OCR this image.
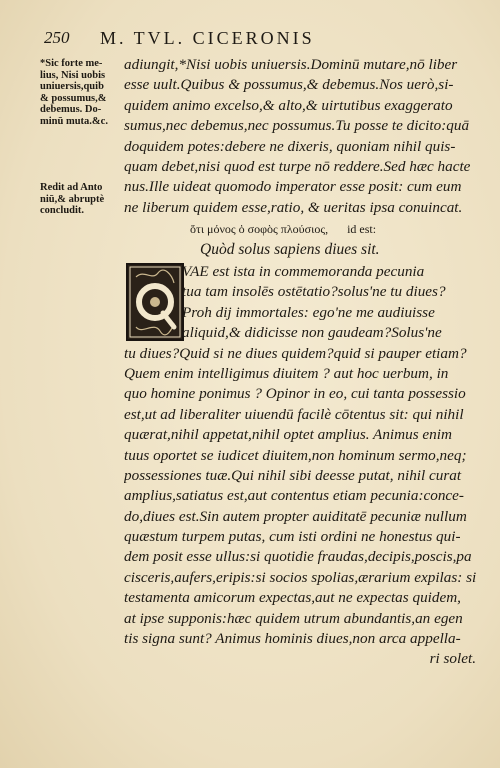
250 M. TVL. CICERONIS
*Sic forte me-
lius, Nisi uobis
uniuersis,quib
& possumus,&
debemus. Do-
minū muta.&c.
Redit ad Anto
niū,& abruptè
concludit.
adiungit,*Nisi uobis uniuersis.Dominū mutare,nō liber
esse uult.Quibus & possumus,& debemus.Nos uerò,si-
quidem animo excelso,& alto,& uirtutibus exaggerato
sumus,nec debemus,nec possumus.Tu posse te dicito:quā
doquidem potes:debere ne dixeris, quoniam nihil quis-
quam debet,nisi quod est turpe nō reddere.Sed hæc hacte
nus.Ille uideat quomodo imperator esse posit: cum eum
ne liberum quidem esse,ratio, & ueritas ipsa conuincat.
ὅτι μόνος ὁ σοφὸς πλούσιος, id est:
Quòd solus sapiens diues sit.
VAE est ista in commemoranda pecunia
tua tam insolēs ostētatio?solus'ne tu diues?
Proh dij immortales: ego'ne me audiuisse
aliquid,& didicisse non gaudeam?Solus'ne
tu diues?Quid si ne diues quidem?quid si pauper etiam?
Quem enim intelligimus diuitem ? aut hoc uerbum, in
quo homine ponimus ? Opinor in eo, cui tanta possessio
est,ut ad liberaliter uiuendū facilè cōtentus sit: qui nihil
quærat,nihil appetat,nihil optet amplius. Animus enim
tuus oportet se iudicet diuitem,non hominum sermo,neq;
possessiones tuæ.Qui nihil sibi deesse putat, nihil curat
amplius,satiatus est,aut contentus etiam pecunia:conce-
do,diues est.Sin autem propter auiditatē pecuniæ nullum
quæstum turpem putas, cum isti ordini ne honestus qui-
dem posit esse ullus:si quotidie fraudas,decipis,poscis,pa
cisceris,aufers,eripis:si socios spolias,ærarium expilas: si
testamenta amicorum expectas,aut ne expectas quidem,
at ipse supponis:hæc quidem utrum abundantis,an egen
tis signa sunt? Animus hominis diues,non arca appella-
ri solet.
